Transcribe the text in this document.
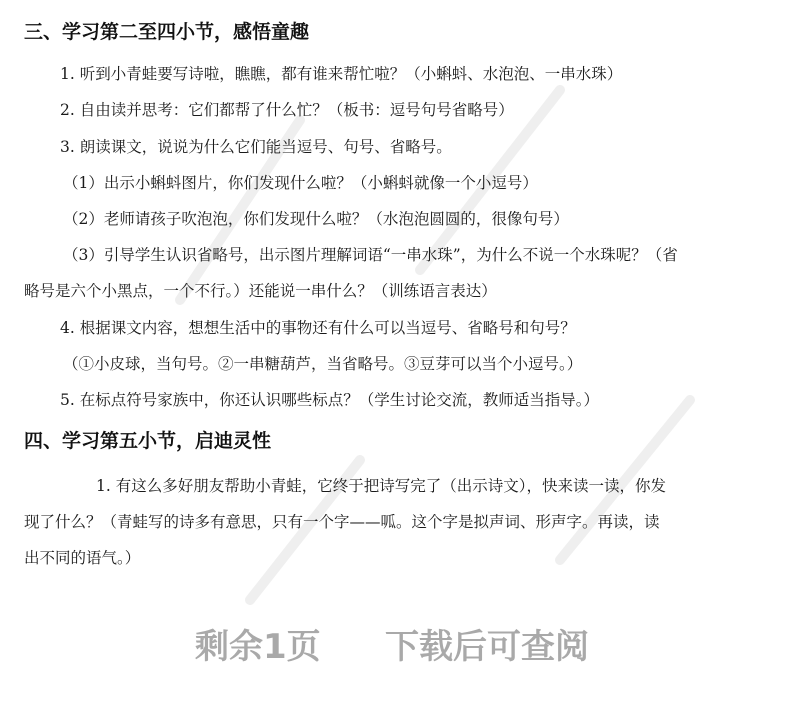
三、学习第二至四小节，感悟童趣
1. 听到小青蛙要写诗啦，瞧瞧，都有谁来帮忙啦？（小蝌蚪、水泡泡、一串水珠）
2. 自由读并思考：它们都帮了什么忙？（板书：逗号句号省略号）
3. 朗读课文，说说为什么它们能当逗号、句号、省略号。
（1）出示小蝌蚪图片，你们发现什么啦？（小蝌蚪就像一个小逗号）
（2）老师请孩子吹泡泡，你们发现什么啦？（水泡泡圆圆的，很像句号）
（3）引导学生认识省略号，出示图片理解词语“一串水珠”，为什么不说一个水珠呢？（省
略号是六个小黑点，一个不行。）还能说一串什么？（训练语言表达）
4. 根据课文内容，想想生活中的事物还有什么可以当逗号、省略号和句号？
（①小皮球，当句号。②一串糖葫芦，当省略号。③豆芽可以当个小逗号。）
5. 在标点符号家族中，你还认识哪些标点？（学生讨论交流，教师适当指导。）
四、学习第五小节，启迪灵性
1. 有这么多好朋友帮助小青蛙，它终于把诗写完了（出示诗文），快来读一读，你发
现了什么？（青蛙写的诗多有意思，只有一个字——呱。这个字是拟声词、形声字。再读，读
出不同的语气。）
剩余1页 下载后可查阅
